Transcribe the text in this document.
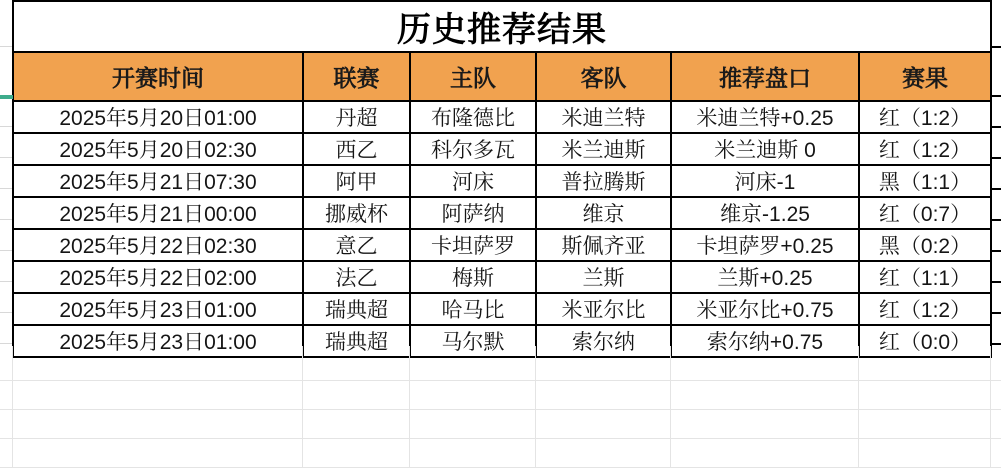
历史推荐结果					
开赛时间	联赛	主队	客队	推荐盘口	赛果
2025年5月20日01:00	丹超	布隆德比	米迪兰特	米迪兰特+0.25	红（1:2）
2025年5月20日02:30	西乙	科尔多瓦	米兰迪斯	米兰迪斯 0	红（1:2）
2025年5月21日07:30	阿甲	河床	普拉腾斯	河床-1	黑（1:1）
2025年5月21日00:00	挪威杯	阿萨纳	维京	维京-1.25	红（0:7）
2025年5月22日02:30	意乙	卡坦萨罗	斯佩齐亚	卡坦萨罗+0.25	黑（0:2）
2025年5月22日02:00	法乙	梅斯	兰斯	兰斯+0.25	红（1:1）
2025年5月23日01:00	瑞典超	哈马比	米亚尔比	米亚尔比+0.75	红（1:2）
2025年5月23日01:00	瑞典超	马尔默	索尔纳	索尔纳+0.75	红（0:0）
